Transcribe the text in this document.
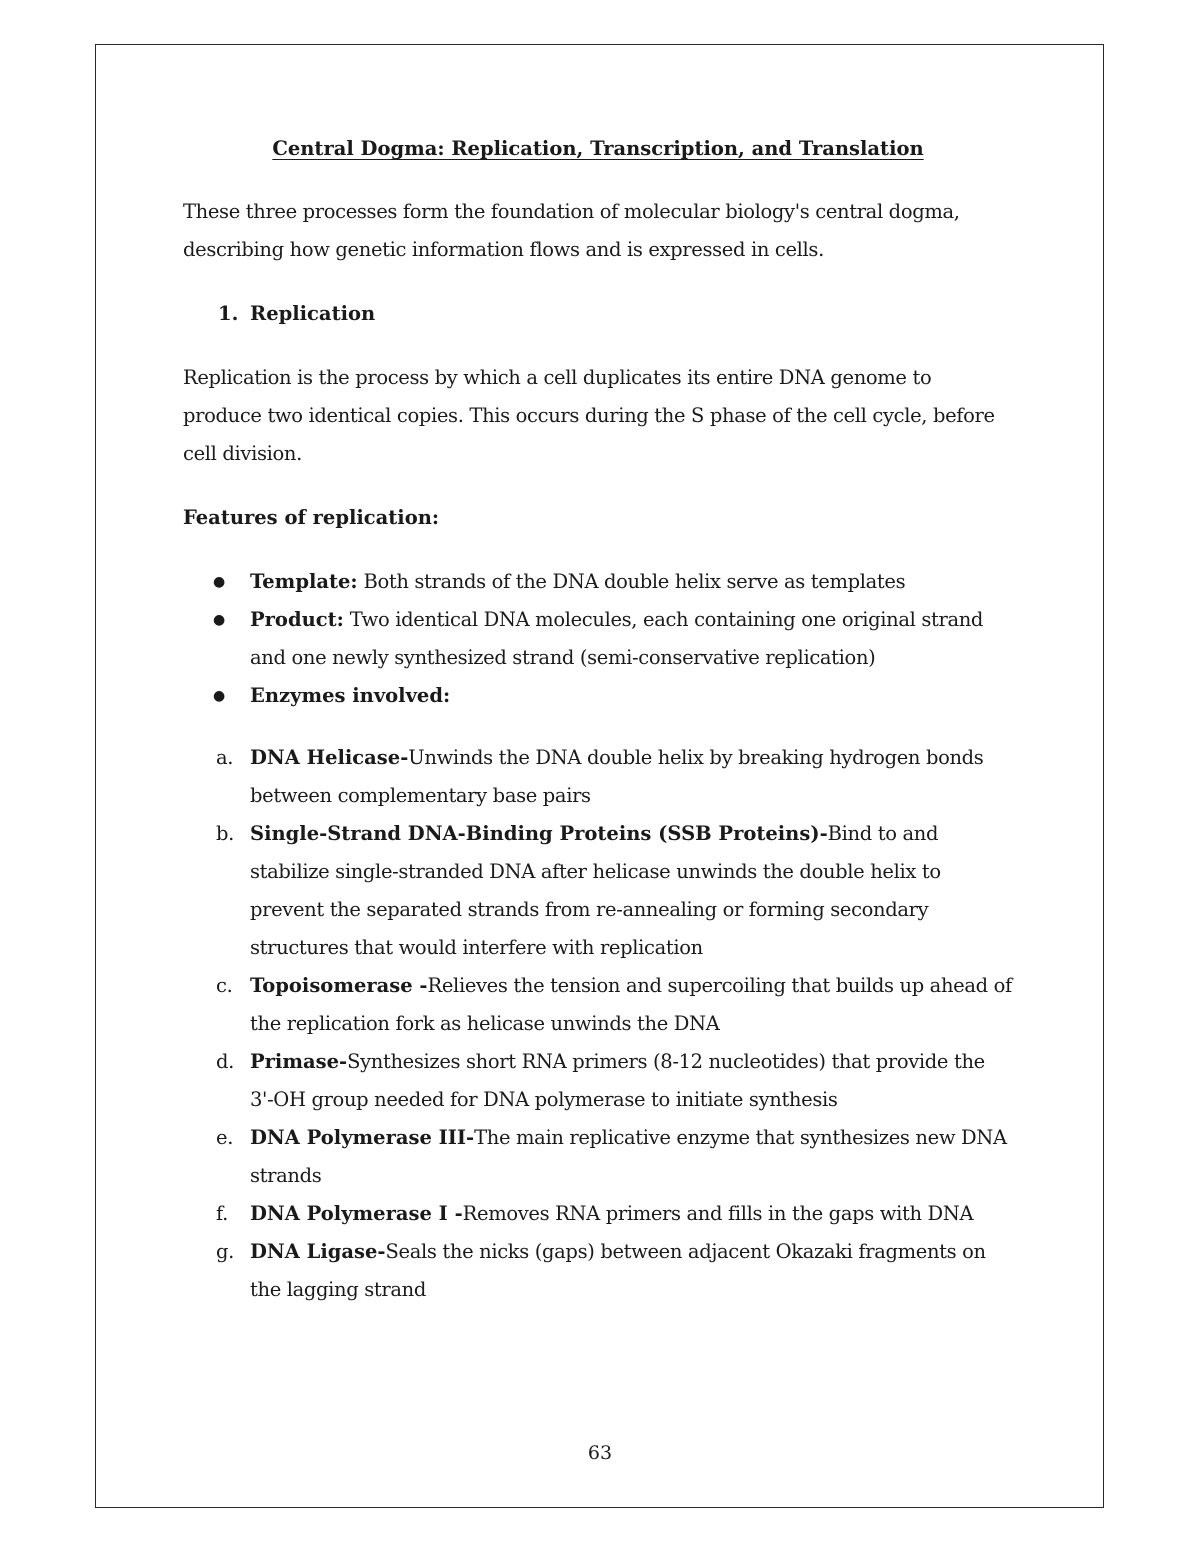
Central Dogma: Replication, Transcription, and Translation

These three processes form the foundation of molecular biology's central dogma, describing how genetic information flows and is expressed in cells.

1. Replication

Replication is the process by which a cell duplicates its entire DNA genome to produce two identical copies. This occurs during the S phase of the cell cycle, before cell division.

Features of replication:

●	Template: Both strands of the DNA double helix serve as templates
●	Product: Two identical DNA molecules, each containing one original strand and one newly synthesized strand (semi-conservative replication)
●	Enzymes involved:
a. DNA Helicase-Unwinds the DNA double helix by breaking hydrogen bonds between complementary base pairs
b. Single-Strand DNA-Binding Proteins (SSB Proteins)-Bind to and stabilize single-stranded DNA after helicase unwinds the double helix to prevent the separated strands from re-annealing or forming secondary structures that would interfere with replication
c. Topoisomerase -Relieves the tension and supercoiling that builds up ahead of the replication fork as helicase unwinds the DNA
d. Primase-Synthesizes short RNA primers (8-12 nucleotides) that provide the 3'-OH group needed for DNA polymerase to initiate synthesis
e. DNA Polymerase III-The main replicative enzyme that synthesizes new DNA strands
f.	DNA Polymerase I -Removes RNA primers and fills in the gaps with DNA
g. DNA Ligase-Seals the nicks (gaps) between adjacent Okazaki fragments on the lagging strand
63
